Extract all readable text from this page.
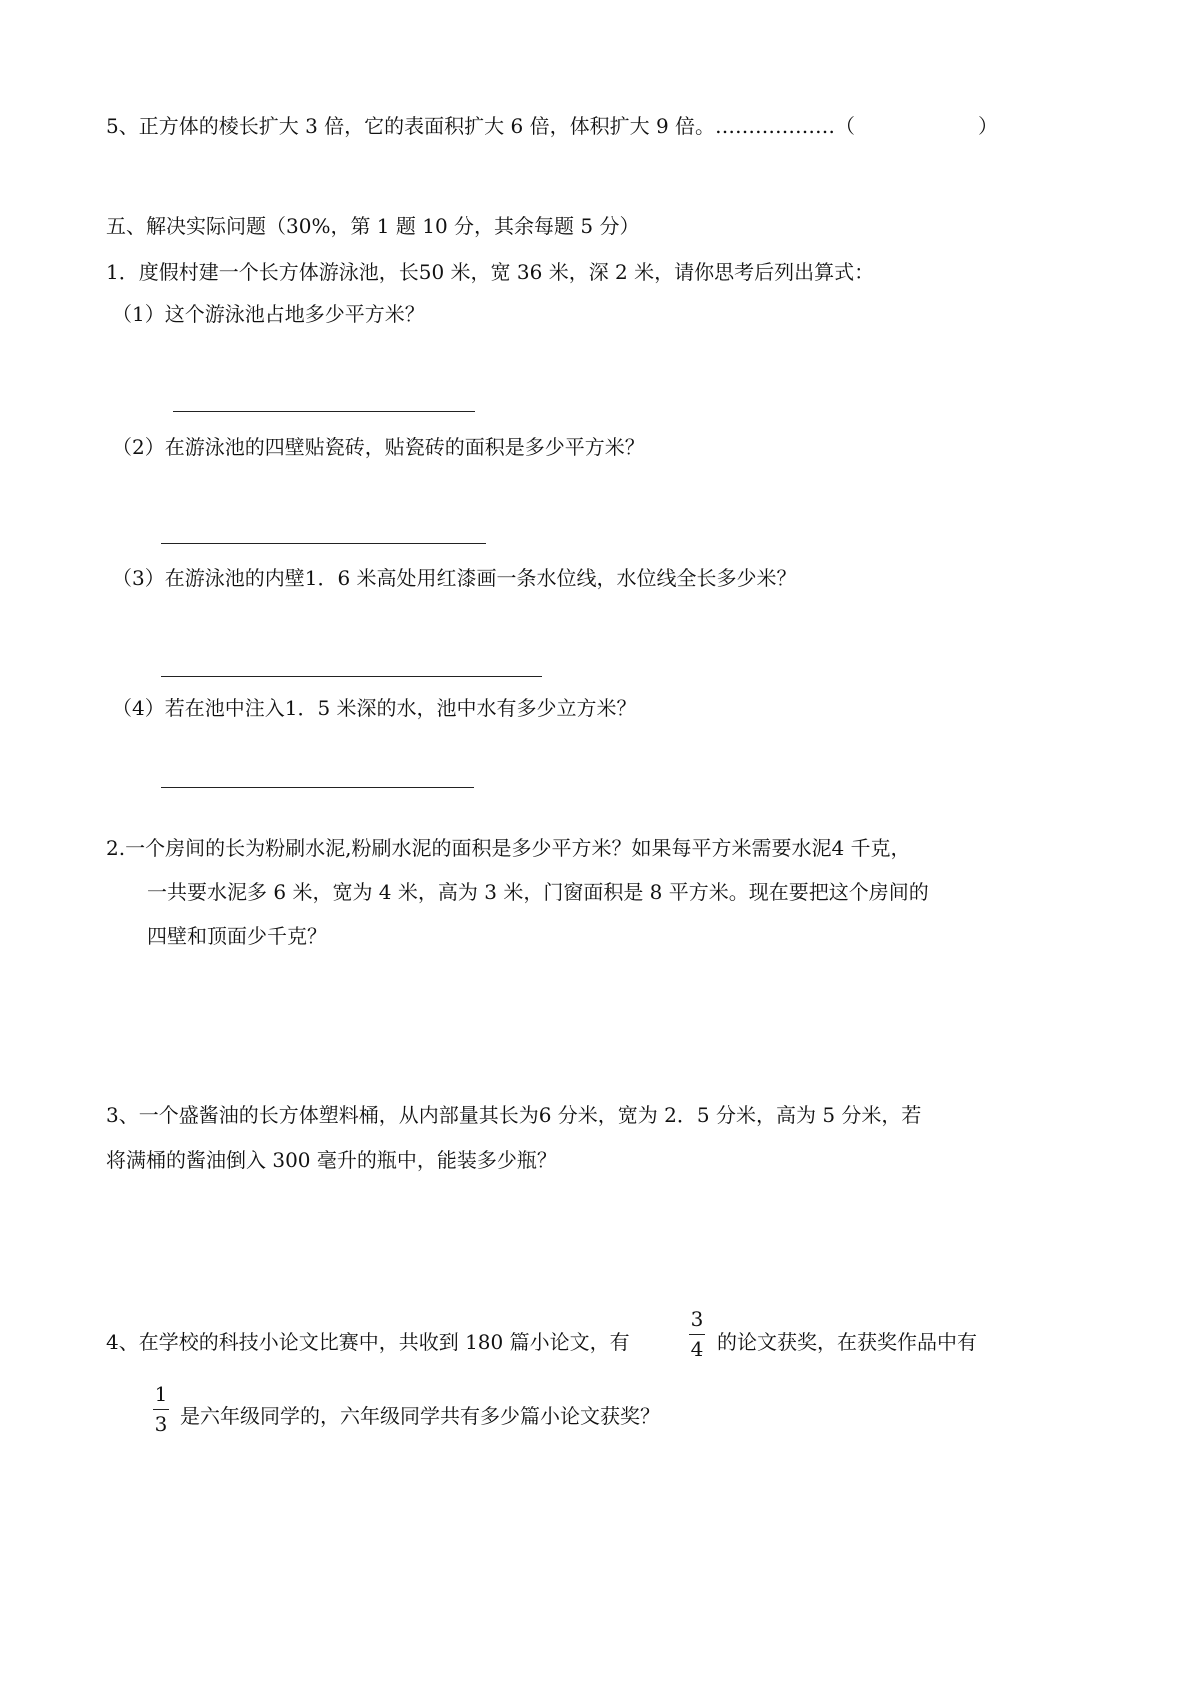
5、正方体的棱长扩大 3 倍，它的表面积扩大 6 倍，体积扩大 9 倍。………………（	）
五、解决实际问题（30%，第 1 题 10 分，其余每题 5 分）
1．度假村建一个长方体游泳池，长50 米，宽 36 米，深 2 米，请你思考后列出算式：
（1）这个游泳池占地多少平方米？
（2）在游泳池的四壁贴瓷砖，贴瓷砖的面积是多少平方米？
（3）在游泳池的内壁1．6 米高处用红漆画一条水位线，水位线全长多少米？
（4）若在池中注入1．5 米深的水，池中水有多少立方米？
2.一个房间的长为粉刷水泥,粉刷水泥的面积是多少平方米？如果每平方米需要水泥4 千克，
一共要水泥多 6 米，宽为 4 米，高为 3 米，门窗面积是 8 平方米。现在要把这个房间的
四壁和顶面少千克？
3、一个盛酱油的长方体塑料桶，从内部量其长为6 分米，宽为 2．5 分米，高为 5 分米，若
将满桶的酱油倒入 300 毫升的瓶中，能装多少瓶？
4、在学校的科技小论文比赛中，共收到 180 篇小论文，有
3
4 的论文获奖，在获奖作品中有
1
3 是六年级同学的，六年级同学共有多少篇小论文获奖？
